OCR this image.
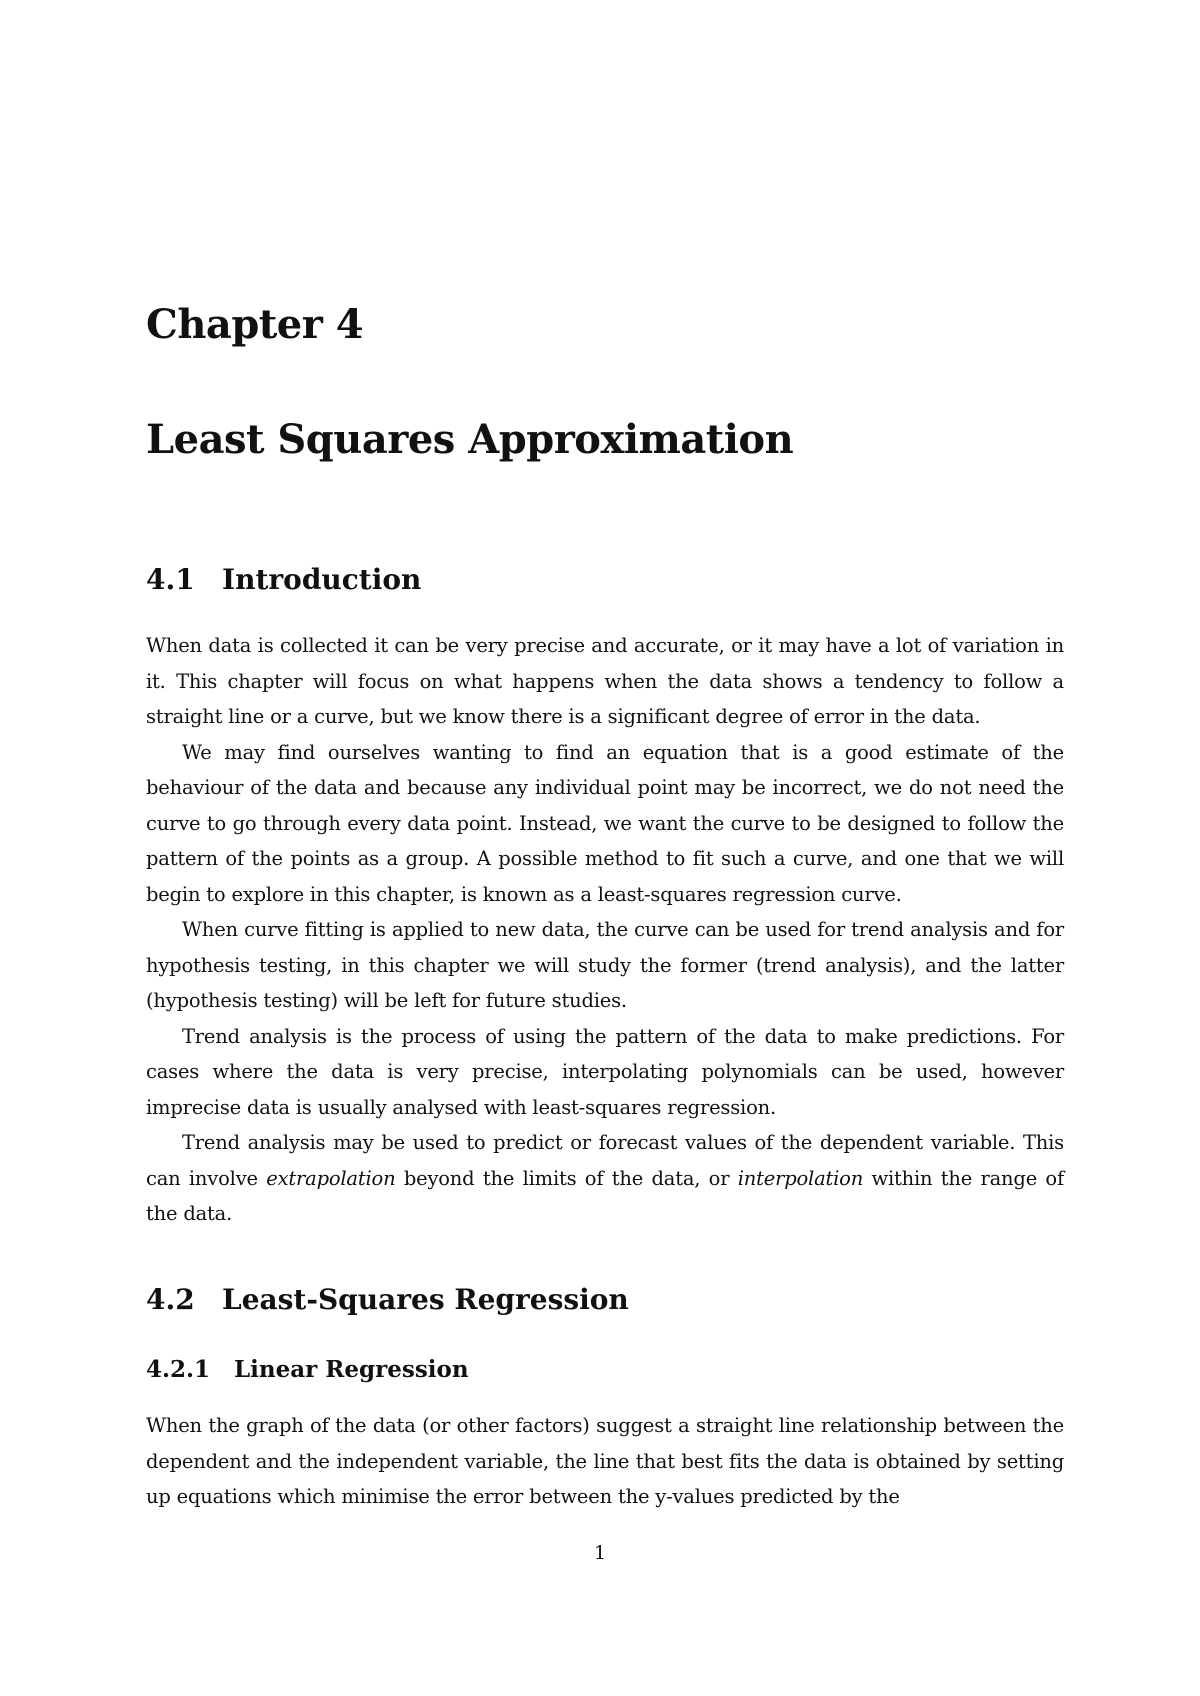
Chapter 4
Least Squares Approximation
4.1 Introduction

When data is collected it can be very precise and accurate, or it may have a lot of variation in it. This chapter will focus on what happens when the data shows a tendency to follow a straight line or a curve, but we know there is a significant degree of error in the data.

We may find ourselves wanting to find an equation that is a good estimate of the behaviour of the data and because any individual point may be incorrect, we do not need the curve to go through every data point. Instead, we want the curve to be designed to follow the pattern of the points as a group. A possible method to fit such a curve, and one that we will begin to explore in this chapter, is known as a least-squares regression curve.

When curve fitting is applied to new data, the curve can be used for trend analysis and for hypothesis testing, in this chapter we will study the former (trend analysis), and the latter (hypothesis testing) will be left for future studies.

Trend analysis is the process of using the pattern of the data to make predictions. For cases where the data is very precise, interpolating polynomials can be used, however imprecise data is usually analysed with least-squares regression.

Trend analysis may be used to predict or forecast values of the dependent variable. This can involve extrapolation beyond the limits of the data, or interpolation within the range of the data.

4.2 Least-Squares Regression
4.2.1 Linear Regression

When the graph of the data (or other factors) suggest a straight line relationship between the dependent and the independent variable, the line that best fits the data is obtained by setting up equations which minimise the error between the y-values predicted by the

1
